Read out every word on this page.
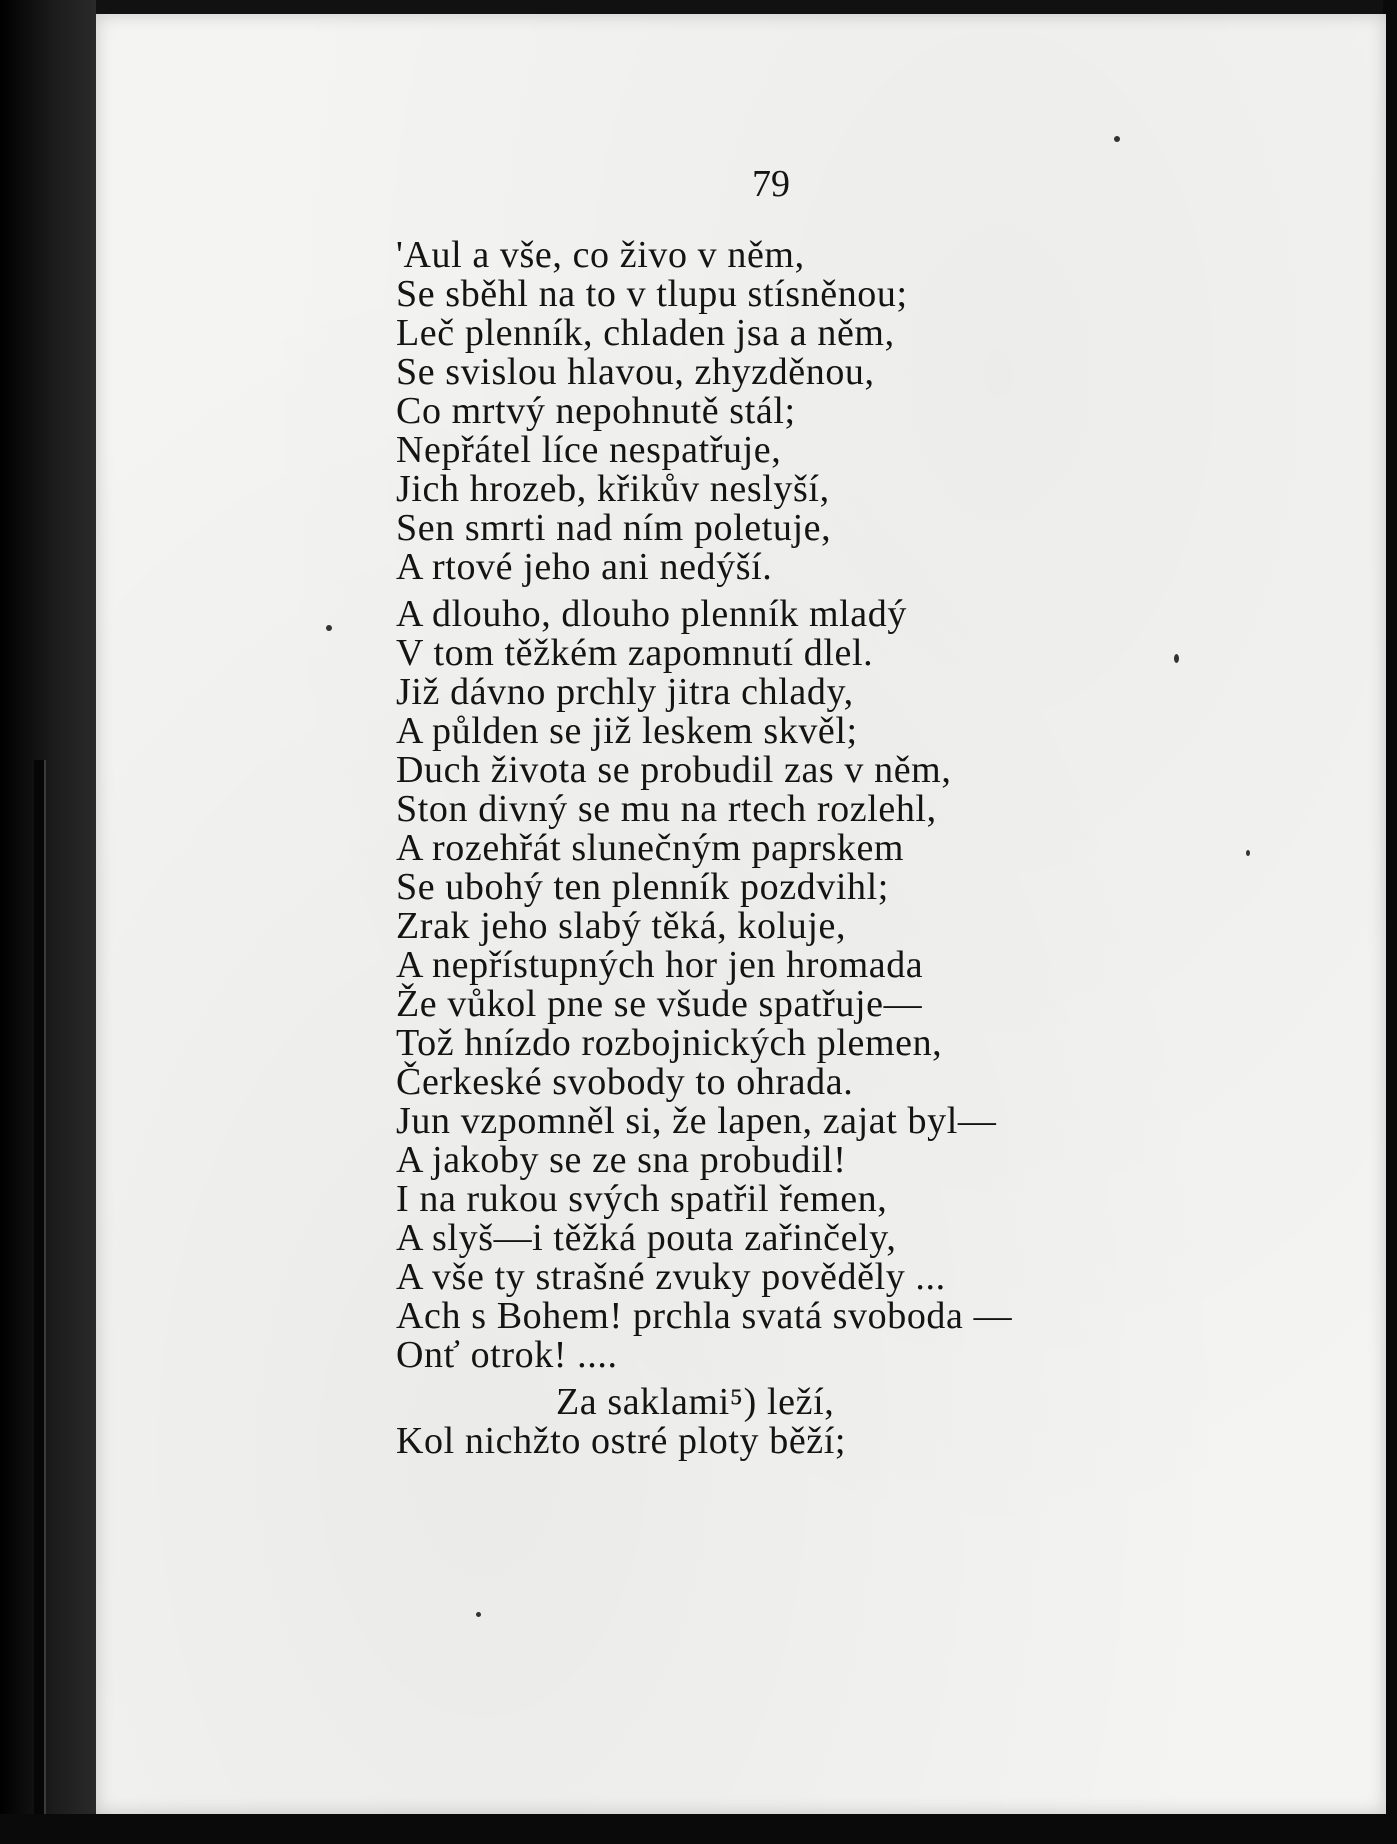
79
'Aul a vše, co živo v něm,
Se sběhl na to v tlupu stísněnou;
Leč plenník, chladen jsa a něm,
Se svislou hlavou, zhyzděnou,
Co mrtvý nepohnutě stál;
Nepřátel líce nespatřuje,
Jich hrozeb, křikův neslyší,
Sen smrti nad ním poletuje,
A rtové jeho ani nedýší.
A dlouho, dlouho plenník mladý
V tom těžkém zapomnutí dlel.
Již dávno prchly jitra chlady,
A půlden se již leskem skvěl;
Duch života se probudil zas v něm,
Ston divný se mu na rtech rozlehl,
A rozehřát slunečným paprskem
Se ubohý ten plenník pozdvihl;
Zrak jeho slabý těká, koluje,
A nepřístupných hor jen hromada
Že vůkol pne se všude spatřuje—
Tož hnízdo rozbojnických plemen,
Čerkeské svobody to ohrada.
Jun vzpomněl si, že lapen, zajat byl—
A jakoby se ze sna probudil!
I na rukou svých spatřil řemen,
A slyš—i těžká pouta zařinčely,
A vše ty strašné zvuky pověděly ...
Ach s Bohem! prchla svatá svoboda —
Onť otrok! ....
Za saklami⁵) leží,
Kol nichžto ostré ploty běží;
